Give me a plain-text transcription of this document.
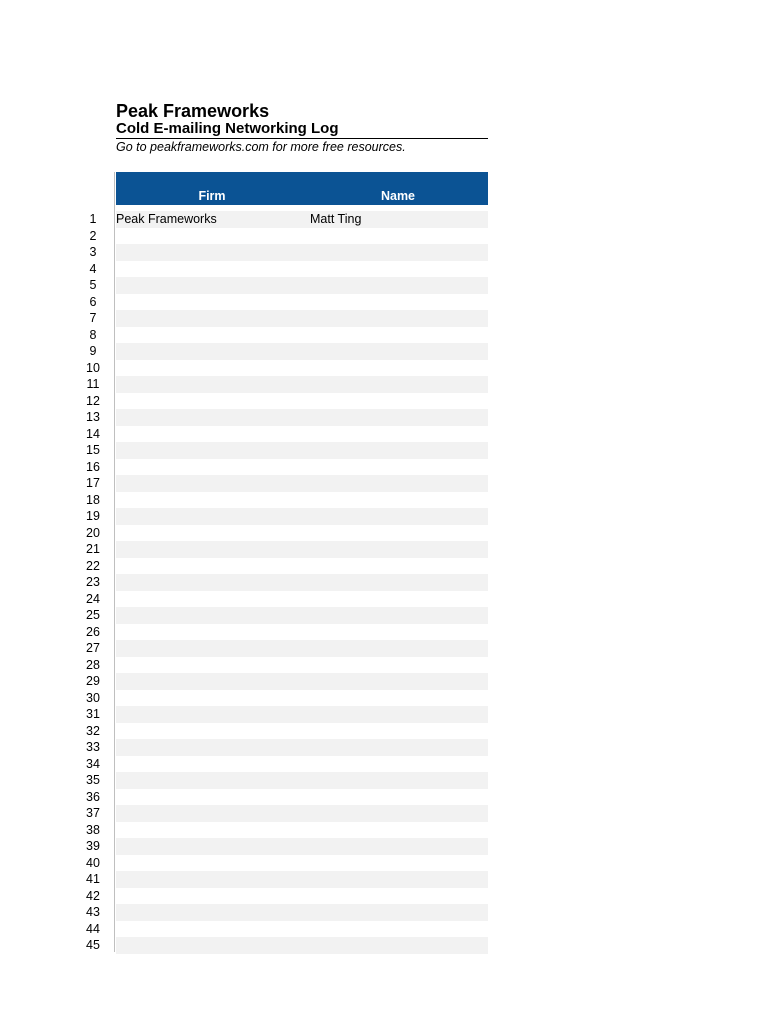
Peak Frameworks
Cold E-mailing Networking Log
Go to peakframeworks.com for more free resources.
Firm	Name
1	Peak Frameworks	Matt Ting
2
3
4
5
6
7
8
9
10
11
12
13
14
15
16
17
18
19
20
21
22
23
24
25
26
27
28
29
30
31
32
33
34
35
36
37
38
39
40
41
42
43
44
45
